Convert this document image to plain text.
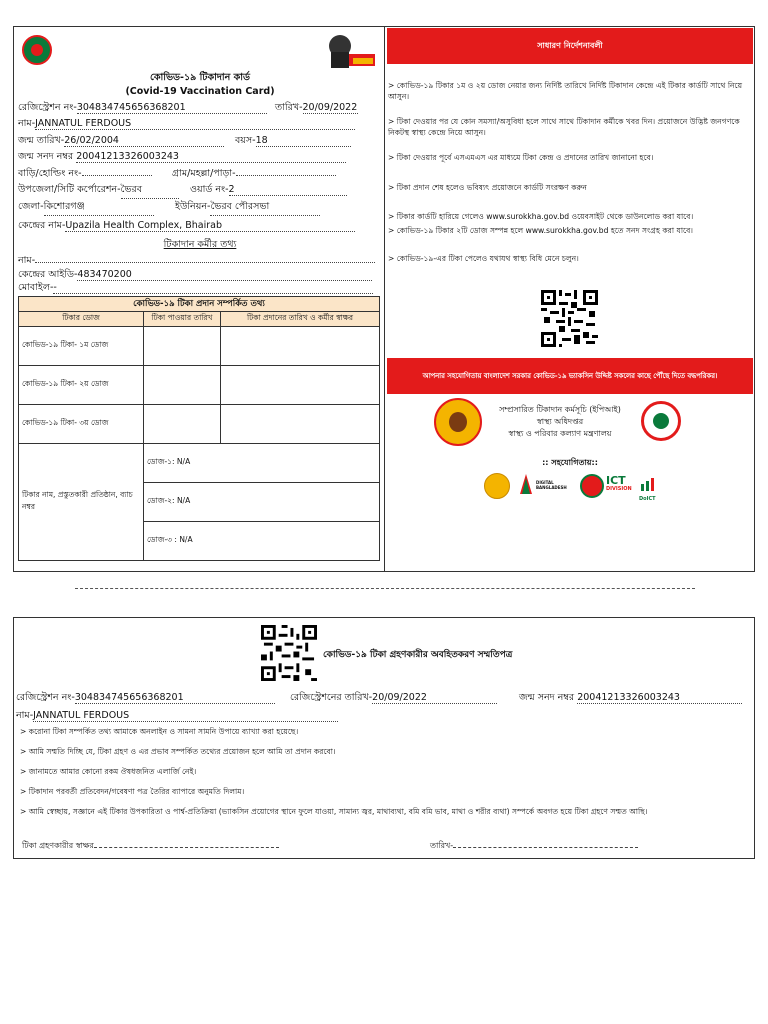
কোভিড-১৯ টিকাদান কার্ড
(Covid-19 Vaccination Card)
রেজিস্ট্রেশন নং-304834745656368201	তারিখ-20/09/2022
নাম-JANNATUL FERDOUS
জন্ম তারিখ-26/02/2004	বয়স-18
জন্ম সনদ নম্বর 20041213326003243
বাড়ি/হোল্ডিং নং-	গ্রাম/মহল্লা/পাড়া-
উপজেলা/সিটি কর্পোরেশন-ভৈরব	ওয়ার্ড নং-2
জেলা-কিশোরগঞ্জ	ইউনিয়ন-ভৈরব পৌরসভা
কেন্দ্রের নাম-Upazila Health Complex, Bhairab
টিকাদান কর্মীর তথ্য
নাম-
কেন্দ্রের আইডি-483470200
মোবাইল--
কোভিড-১৯ টিকা প্রদান সম্পর্কিত তথ্য		
টিকার ডোজ	টিকা পাওয়ার তারিখ	টিকা প্রদানের তারিখ ও কর্মীর স্বাক্ষর
কোভিড-১৯ টিকা- ১ম ডোজ		
কোভিড-১৯ টিকা- ২য় ডোজ		
কোভিড-১৯ টিকা- ৩য় ডোজ		
টিকার নাম, প্রস্তুতকারী প্রতিষ্ঠান, ব্যাচ নম্বর	ডোজ-১: N/A	
	ডোজ-২: N/A	
	ডোজ-৩ : N/A	
সাধারণ নির্দেশনাবলী
> কোভিড-১৯ টিকার ১ম ও ২য় ডোজ নেয়ার জন্য নির্দিষ্ট তারিখে নির্দিষ্ট টিকাদান কেন্দ্রে এই টিকার কার্ডটি সাথে নিয়ে আসুন।
> টিকা দেওয়ার পর যে কোন সমস্যা/অসুবিধা হলে সাথে সাথে টিকাদান কর্মীকে খবর দিন। প্রয়োজনে উদ্ভিষ্ট জনগণকে নিকটস্থ স্বাস্থ্য কেন্দ্রে নিয়ে আসুন।
> টিকা দেওয়ার পূর্বে এসএমএস এর মাধ্যমে টিকা কেন্দ্র ও প্রদানের তারিখ জানানো হবে।
> টিকা প্রদান শেষ হলেও ভবিষ্যৎ প্রয়োজনে কার্ডটি সংরক্ষণ করুন
> টিকার কার্ডটি হারিয়ে গেলেও www.surokkha.gov.bd ওয়েবসাইট থেকে ডাউনলোড করা যাবে।
> কোভিড-১৯ টিকার ২টি ডোজ সম্পন্ন হলে www.surokkha.gov.bd হতে সনদ সংগ্রহ করা যাবে।
> কোভিড-১৯-এর টিকা পেলেও যথাযথ স্বাস্থ্য বিধি মেনে চলুন।
আপনার সহযোগিতায় বাংলাদেশ সরকার কোভিড-১৯ ভ্যাকসিন উদ্দিষ্ট সকলের কাছে পৌঁছে দিতে বদ্ধপরিকর।
সম্প্রসারিত টিকাদান কর্মসূচি (ইপিআই)
স্বাস্থ্য অধিদপ্তর
স্বাস্থ্য ও পরিবার কল্যাণ মন্ত্রণালয়
:: সহযোগিতায়::
DIGITAL BANGLADESH
ICT
DIVISION
DoICT
কোভিড-১৯ টিকা গ্রহণকারীর অবহিতকরণ সম্মতিপত্র
রেজিস্ট্রেশন নং-304834745656368201	রেজিস্ট্রেশনের তারিখ-20/09/2022	জন্ম সনদ নম্বর 20041213326003243
নাম-JANNATUL FERDOUS
> করোনা টিকা সম্পর্কিত তথ্য আমাকে অনলাইন ও সামনা সামনি উপায়ে ব্যাখ্যা করা হয়েছে।
> আমি সম্মতি দিচ্ছি যে, টিকা গ্রহণ ও এর প্রভাব সম্পর্কিত তথ্যের প্রয়োজন হলে আমি তা প্রদান করবো।
> জানামতে আমার কোনো রকম ঔষধজনিত এলার্জি নেই।
> টিকাদান পরবর্তী প্রতিবেদন/গবেষণা পত্র তৈরির ব্যাপারে অনুমতি দিলাম।
> আমি স্বেচ্ছায়, সজ্ঞানে এই টিকার উপকারিতা ও পার্শ্ব-প্রতিক্রিয়া (ভ্যাকসিন প্রয়োগের স্থানে ফুলে যাওয়া, সামান্য জ্বর, মাথাব্যথা, বমি বমি ভাব, মাথা ও শরীর ব্যথা) সম্পর্কে অবগত হয়ে টিকা গ্রহণে সম্মত আছি।
টিকা গ্রহণকারীর স্বাক্ষর	তারিখ-
